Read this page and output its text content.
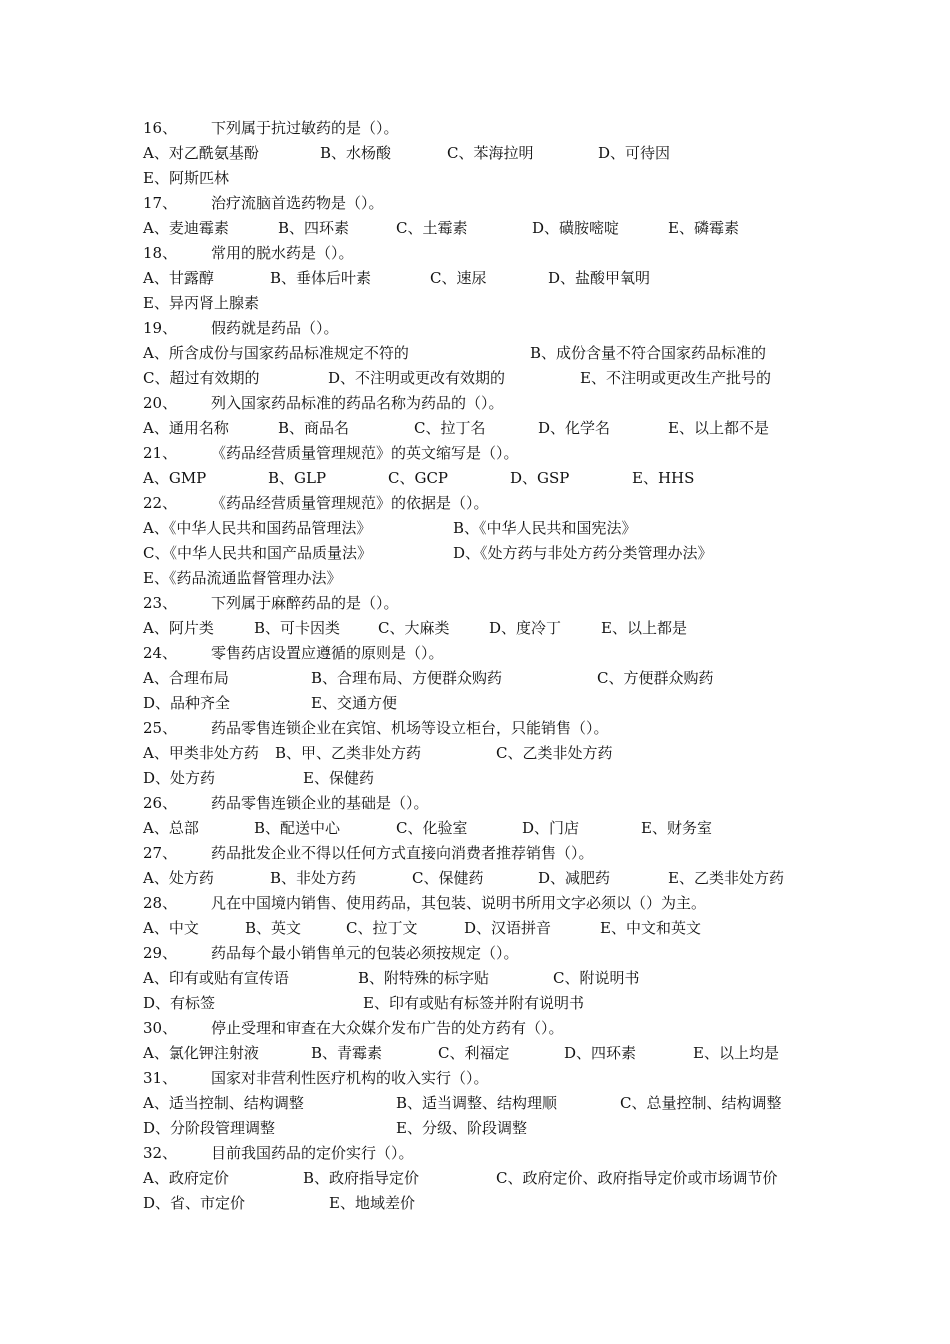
16、 下列属于抗过敏药的是（）。
A、对乙酰氨基酚	B、水杨酸	C、苯海拉明	D、可待因
E、阿斯匹林
17、 治疗流脑首选药物是（）。
A、麦迪霉素	B、四环素	C、土霉素	D、磺胺嘧啶	E、磷霉素
18、 常用的脱水药是（）。
A、甘露醇	B、垂体后叶素	C、速尿	D、盐酸甲氧明
E、异丙肾上腺素
19、 假药就是药品（）。
A、所含成份与国家药品标准规定不符的	B、成份含量不符合国家药品标准的
C、超过有效期的	D、不注明或更改有效期的	E、不注明或更改生产批号的
20、 列入国家药品标准的药品名称为药品的（）。
A、通用名称	B、商品名	C、拉丁名	D、化学名	E、以上都不是
21、 《药品经营质量管理规范》的英文缩写是（）。
A、GMP	B、GLP	C、GCP	D、GSP	E、HHS
22、 《药品经营质量管理规范》的依据是（）。
A、《中华人民共和国药品管理法》	B、《中华人民共和国宪法》
C、《中华人民共和国产品质量法》	D、《处方药与非处方药分类管理办法》
E、《药品流通监督管理办法》
23、 下列属于麻醉药品的是（）。
A、阿片类	B、可卡因类	C、大麻类	D、度冷丁	E、以上都是
24、 零售药店设置应遵循的原则是（）。
A、合理布局	B、合理布局、方便群众购药	C、方便群众购药
D、品种齐全	E、交通方便
25、 药品零售连锁企业在宾馆、机场等设立柜台，只能销售（）。
A、甲类非处方药 B、甲、乙类非处方药	C、乙类非处方药
D、处方药	E、保健药
26、 药品零售连锁企业的基础是（）。
A、总部	B、配送中心	C、化验室	D、门店	E、财务室
27、 药品批发企业不得以任何方式直接向消费者推荐销售（）。
A、处方药	B、非处方药	C、保健药	D、减肥药	E、乙类非处方药
28、 凡在中国境内销售、使用药品，其包装、说明书所用文字必须以（）为主。
A、中文	B、英文	C、拉丁文	D、汉语拼音	E、中文和英文
29、 药品每个最小销售单元的包装必须按规定（）。
A、印有或贴有宣传语	B、附特殊的标字贴	C、附说明书
D、有标签	E、印有或贴有标签并附有说明书
30、 停止受理和审查在大众媒介发布广告的处方药有（）。
A、氯化钾注射液	B、青霉素	C、利福定	D、四环素	E、以上均是
31、 国家对非营利性医疗机构的收入实行（）。
A、适当控制、结构调整	B、适当调整、结构理顺	C、总量控制、结构调整
D、分阶段管理调整	E、分级、阶段调整
32、 目前我国药品的定价实行（）。
A、政府定价	B、政府指导定价	C、政府定价、政府指导定价或市场调节价
D、省、市定价	E、地域差价
